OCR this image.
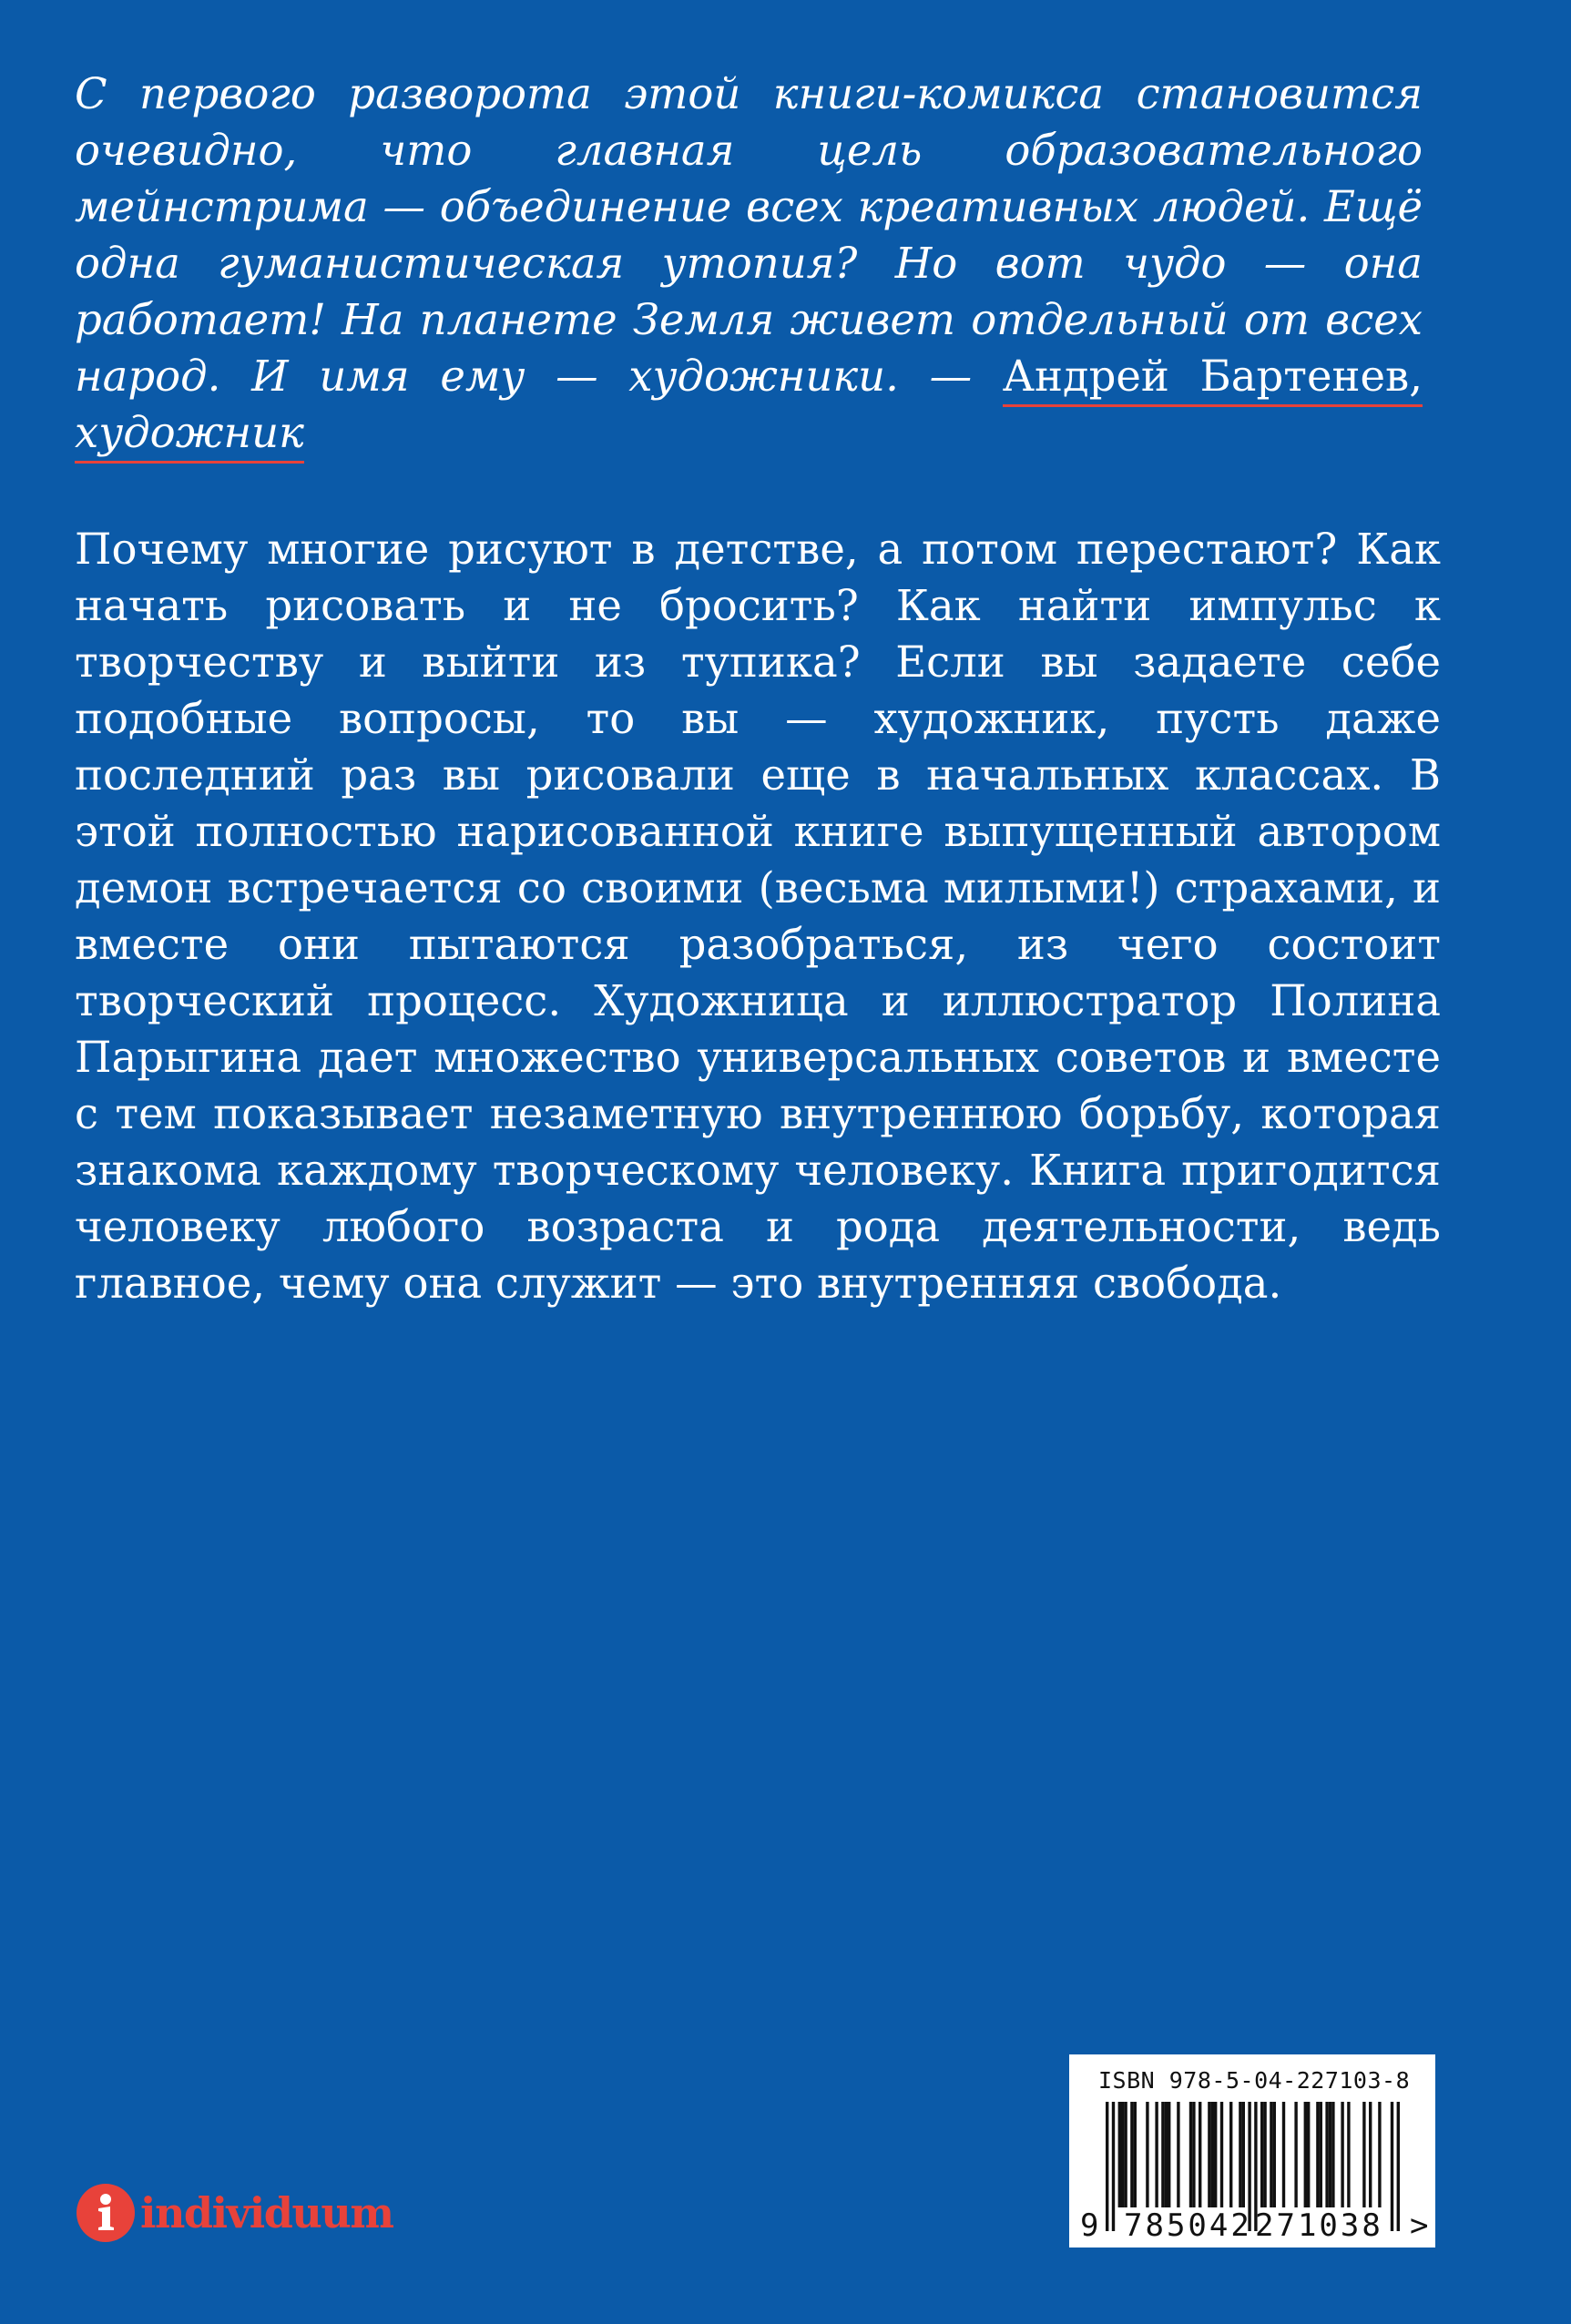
С первого разворота этой книги-комикса становится очевидно, что главная цель образовательного мейнстрима — объединение всех креативных людей. Ещё одна гуманистическая утопия? Но вот чудо — она работает! На планете Земля живет отдельный от всех народ. И имя ему — художники. — Андрей Бартенев, художник

Почему многие рисуют в детстве, а потом перестают? Как начать рисовать и не бросить? Как найти импульс к творчеству и выйти из тупика? Если вы задаете себе подобные вопросы, то вы — художник, пусть даже последний раз вы рисовали еще в начальных классах. В этой полностью нарисованной книге выпущенный автором демон встречается со своими (весьма милыми!) страхами, и вместе они пытаются разобраться, из чего состоит творческий процесс. Художница и иллюстратор Полина Парыгина дает множество универсальных советов и вместе с тем показывает незаметную внутреннюю борьбу, которая знакома каждому творческому человеку. Книга пригодится человеку любого возраста и рода деятельности, ведь главное, чему она служит — это внутренняя свобода.

individuum
ISBN 978-5-04-227103-8
9 785042 271038 >
